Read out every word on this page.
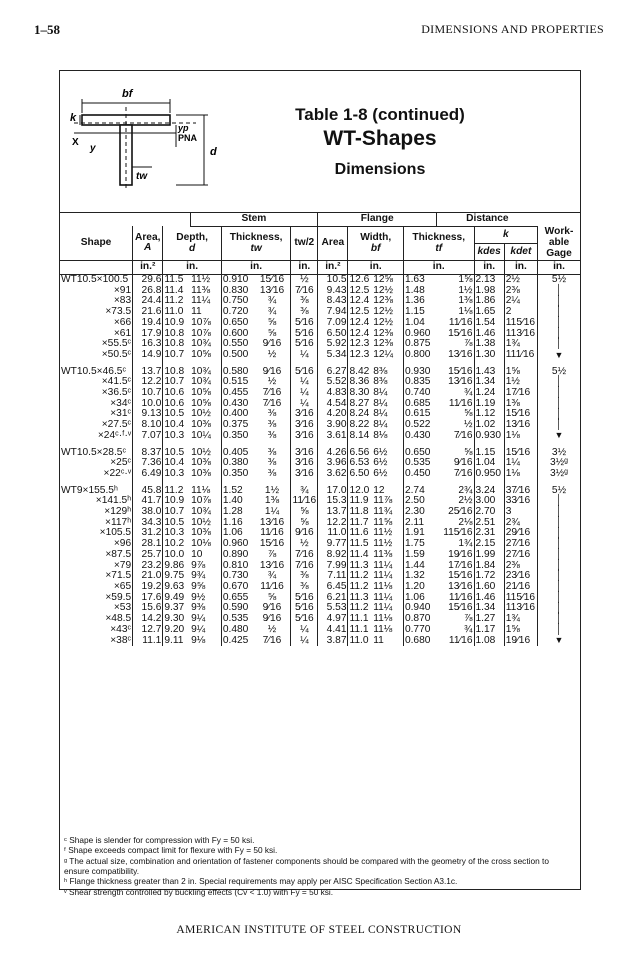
1–58	DIMENSIONS AND PROPERTIES
bf
k
yp
PNA
X
d
tw
y
Table 1-8 (continued)
WT-Shapes
Dimensions
			Stem				Flange				Distance			
Shape	Area,
A	Depth,
d		Thickness,
tw		tw/2	Area	Width,
bf		Thickness,
tf		k		Work-able Gage
												kdes	kdet	
	in.²	in.		in.		in.	in.²	in.		in.		in.	in.	in.
WT10.5×100.5	29.6	11.5	11½	0.910	15⁄16	½	10.5	12.6	12⅝	1.63	1⅝	2.13	2½	5½
×91	26.8	11.4	11⅜	0.830	13⁄16	7⁄16	9.43	12.5	12½	1.48	1½	1.98	2⅜	│
×83	24.4	11.2	11¼	0.750	¾	⅜	8.43	12.4	12⅜	1.36	1⅜	1.86	2¼	│
×73.5	21.6	11.0	11	0.720	¾	⅜	7.94	12.5	12½	1.15	1⅛	1.65	2	│
×66	19.4	10.9	10⅞	0.650	⅝	5⁄16	7.09	12.4	12½	1.04	11⁄16	1.54	115⁄16	│
×61	17.9	10.8	10⅞	0.600	⅝	5⁄16	6.50	12.4	12⅜	0.960	15⁄16	1.46	113⁄16	│
×55.5ᶜ	16.3	10.8	10¾	0.550	9⁄16	5⁄16	5.92	12.3	12⅜	0.875	⅞	1.38	1¾	│
×50.5ᶜ	14.9	10.7	10⅝	0.500	½	¼	5.34	12.3	12¼	0.800	13⁄16	1.30	111⁄16	▼

WT10.5×46.5ᶜ	13.7	10.8	10¾	0.580	9⁄16	5⁄16	6.27	8.42	8⅜	0.930	15⁄16	1.43	1⅝	5½
×41.5ᶜ	12.2	10.7	10¾	0.515	½	¼	5.52	8.36	8⅜	0.835	13⁄16	1.34	1½	│
×36.5ᶜ	10.7	10.6	10⅝	0.455	7⁄16	¼	4.83	8.30	8¼	0.740	¾	1.24	17⁄16	│
×34ᶜ	10.0	10.6	10⅝	0.430	7⁄16	¼	4.54	8.27	8¼	0.685	11⁄16	1.19	1⅜	│
×31ᶜ	9.13	10.5	10½	0.400	⅜	3⁄16	4.20	8.24	8¼	0.615	⅝	1.12	15⁄16	│
×27.5ᶜ	8.10	10.4	10⅜	0.375	⅜	3⁄16	3.90	8.22	8¼	0.522	½	1.02	13⁄16	│
×24ᶜ·ᶠ·ᵛ	7.07	10.3	10¼	0.350	⅜	3⁄16	3.61	8.14	8⅛	0.430	7⁄16	0.930	1⅛	▼

WT10.5×28.5ᶜ	8.37	10.5	10½	0.405	⅜	3⁄16	4.26	6.56	6½	0.650	⅝	1.15	15⁄16	3½
×25ᶜ	7.36	10.4	10⅜	0.380	⅜	3⁄16	3.96	6.53	6½	0.535	9⁄16	1.04	1¼	3½ᵍ
×22ᶜ·ᵛ	6.49	10.3	10⅜	0.350	⅜	3⁄16	3.62	6.50	6½	0.450	7⁄16	0.950	1⅛	3½ᵍ

WT9×155.5ʰ	45.8	11.2	11⅛	1.52	1½	¾	17.0	12.0	12	2.74	2¾	3.24	37⁄16	5½
×141.5ʰ	41.7	10.9	10⅞	1.40	1⅜	11⁄16	15.3	11.9	11⅞	2.50	2½	3.00	33⁄16	│
×129ʰ	38.0	10.7	10¾	1.28	1¼	⅝	13.7	11.8	11¾	2.30	25⁄16	2.70	3	│
×117ʰ	34.3	10.5	10½	1.16	13⁄16	⅝	12.2	11.7	11⅝	2.11	2⅛	2.51	2¾	│
×105.5	31.2	10.3	10⅜	1.06	11⁄16	9⁄16	11.0	11.6	11½	1.91	115⁄16	2.31	29⁄16	│
×96	28.1	10.2	10⅛	0.960	15⁄16	½	9.77	11.5	11½	1.75	1¾	2.15	27⁄16	│
×87.5	25.7	10.0	10	0.890	⅞	7⁄16	8.92	11.4	11⅜	1.59	19⁄16	1.99	27⁄16	│
×79	23.2	9.86	9⅞	0.810	13⁄16	7⁄16	7.99	11.3	11¼	1.44	17⁄16	1.84	2⅜	│
×71.5	21.0	9.75	9¾	0.730	¾	⅜	7.11	11.2	11¼	1.32	15⁄16	1.72	23⁄16	│
×65	19.2	9.63	9⅝	0.670	11⁄16	⅜	6.45	11.2	11⅛	1.20	13⁄16	1.60	21⁄16	│
×59.5	17.6	9.49	9½	0.655	⅝	5⁄16	6.21	11.3	11¼	1.06	11⁄16	1.46	115⁄16	│
×53	15.6	9.37	9⅜	0.590	9⁄16	5⁄16	5.53	11.2	11¼	0.940	15⁄16	1.34	113⁄16	│
×48.5	14.2	9.30	9¼	0.535	9⁄16	5⁄16	4.97	11.1	11⅛	0.870	⅞	1.27	1¾	│
×43ᶜ	12.7	9.20	9¼	0.480	½	¼	4.41	11.1	11⅛	0.770	¾	1.17	1⅝	│
×38ᶜ	11.1	9.11	9⅛	0.425	7⁄16	¼	3.87	11.0	11	0.680	11⁄16	1.08	19⁄16	▼
ᶜ Shape is slender for compression with Fy = 50 ksi.
ᶠ Shape exceeds compact limit for flexure with Fy = 50 ksi.
ᵍ The actual size, combination and orientation of fastener components should be compared with the geometry of the cross section to ensure compatibility.
ʰ Flange thickness greater than 2 in. Special requirements may apply per AISC Specification Section A3.1c.
ᵛ Shear strength controlled by buckling effects (Cv < 1.0) with Fy = 50 ksi.
AMERICAN INSTITUTE OF STEEL CONSTRUCTION
